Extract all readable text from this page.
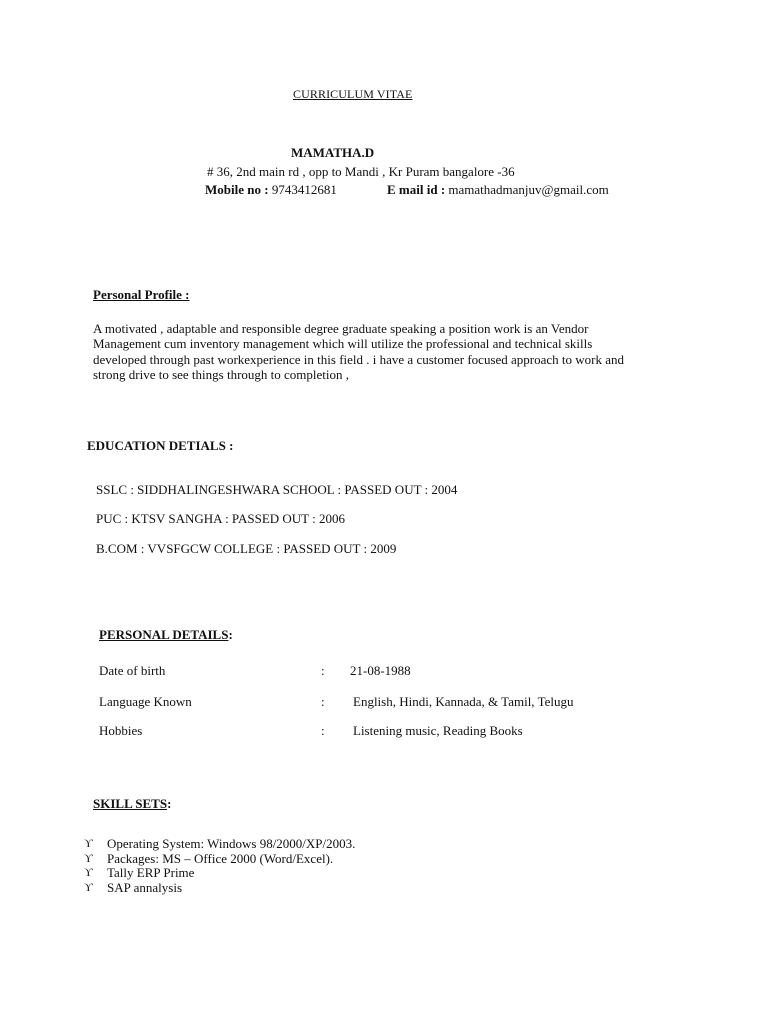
CURRICULUM VITAE
MAMATHA.D
# 36, 2nd main rd , opp to Mandi , Kr Puram bangalore -36
Mobile no : 9743412681	E mail id : mamathadmanjuv@gmail.com
Personal Profile :
A motivated , adaptable and responsible degree graduate speaking a position work is an Vendor
Management cum inventory management which will utilize the professional and technical skills
developed through past workexperience in this field . i have a customer focused approach to work and
strong drive to see things through to completion ,
EDUCATION DETIALS :
SSLC : SIDDHALINGESHWARA SCHOOL : PASSED OUT : 2004
PUC : KTSV SANGHA : PASSED OUT : 2006
B.COM : VVSFGCW COLLEGE : PASSED OUT : 2009
PERSONAL DETAILS:
Date of birth	: 21-08-1988
Language Known	: English, Hindi, Kannada, & Tamil, Telugu
Hobbies	: Listening music, Reading Books
SKILL SETS:
ϒ Operating System: Windows 98/2000/XP/2003.
ϒ Packages: MS – Office 2000 (Word/Excel).
ϒ Tally ERP Prime
ϒ SAP annalysis
